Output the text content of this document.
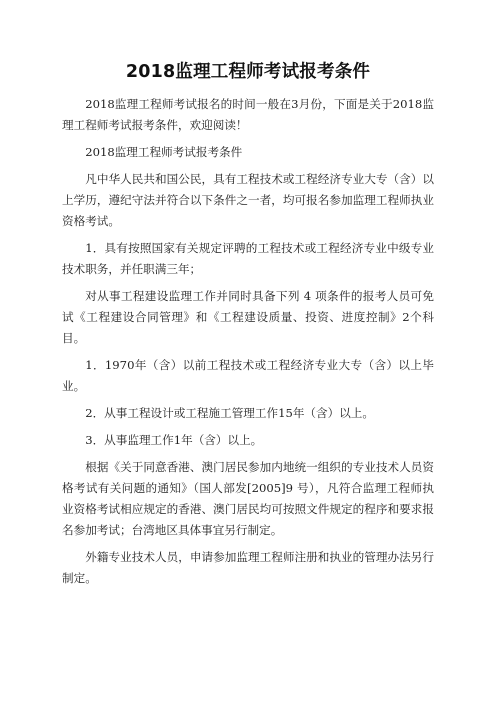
2018监理工程师考试报考条件

2018监理工程师考试报名的时间一般在3月份，下面是关于2018监理工程师考试报考条件，欢迎阅读！

2018监理工程师考试报考条件

凡中华人民共和国公民，具有工程技术或工程经济专业大专（含）以上学历，遵纪守法并符合以下条件之一者，均可报名参加监理工程师执业资格考试。

1．具有按照国家有关规定评聘的工程技术或工程经济专业中级专业技术职务，并任职满三年；

对从事工程建设监理工作并同时具备下列 4 项条件的报考人员可免试《工程建设合同管理》和《工程建设质量、投资、进度控制》2个科目。

1．1970年（含）以前工程技术或工程经济专业大专（含）以上毕业。

2．从事工程设计或工程施工管理工作15年（含）以上。

3．从事监理工作1年（含）以上。

根据《关于同意香港、澳门居民参加内地统一组织的专业技术人员资格考试有关问题的通知》（国人部发[2005]9 号），凡符合监理工程师执业资格考试相应规定的香港、澳门居民均可按照文件规定的程序和要求报名参加考试；台湾地区具体事宜另行制定。

外籍专业技术人员，申请参加监理工程师注册和执业的管理办法另行制定。
